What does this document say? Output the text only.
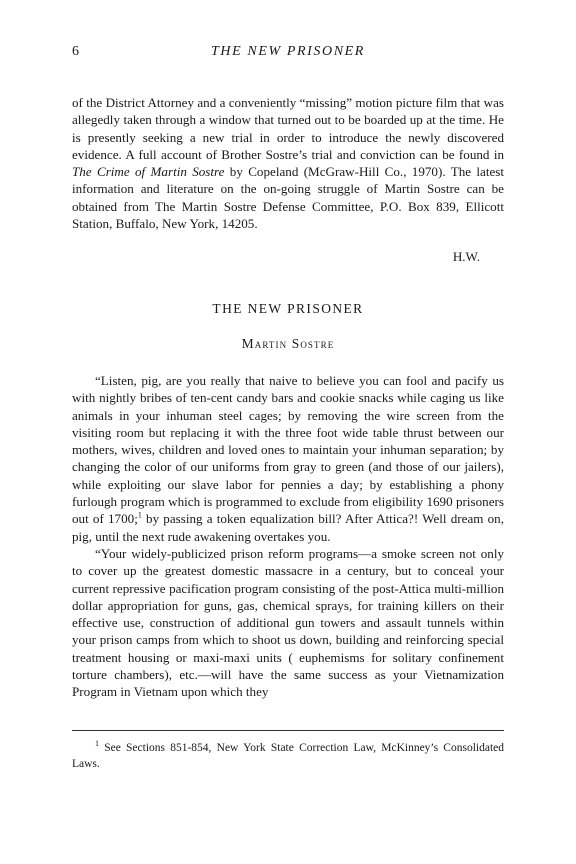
6	THE NEW PRISONER

of the District Attorney and a conveniently “missing” motion picture film that was allegedly taken through a window that turned out to be boarded up at the time. He is presently seeking a new trial in order to introduce the newly discovered evidence. A full account of Brother Sostre’s trial and conviction can be found in The Crime of Martin Sostre by Copeland (McGraw-Hill Co., 1970). The latest information and literature on the on-going struggle of Martin Sostre can be obtained from The Martin Sostre Defense Committee, P.O. Box 839, Ellicott Station, Buffalo, New York, 14205.

H.W.
THE NEW PRISONER
Martin Sostre

“Listen, pig, are you really that naive to believe you can fool and pacify us with nightly bribes of ten-cent candy bars and cookie snacks while caging us like animals in your inhuman steel cages; by removing the wire screen from the visiting room but replacing it with the three foot wide table thrust between our mothers, wives, children and loved ones to maintain your inhuman separation; by changing the color of our uniforms from gray to green (and those of our jailers), while exploiting our slave labor for pennies a day; by establishing a phony furlough program which is programmed to exclude from eligibility 1690 prisoners out of 1700;$^1$ by passing a token equalization bill? After Attica?! Well dream on, pig, until the next rude awakening overtakes you.

“Your widely-publicized prison reform programs—a smoke screen not only to cover up the greatest domestic massacre in a century, but to conceal your current repressive pacification program consisting of the post-Attica multi-million dollar appropriation for guns, gas, chemical sprays, for training killers on their effective use, construction of additional gun towers and assault tunnels within your prison camps from which to shoot us down, building and reinforcing special treatment housing or maxi-maxi units ( euphemisms for solitary confinement torture chambers), etc.—will have the same success as your Vietnamization Program in Vietnam upon which they

$^1$ See Sections 851-854, New York State Correction Law, McKinney’s Consolidated Laws.
